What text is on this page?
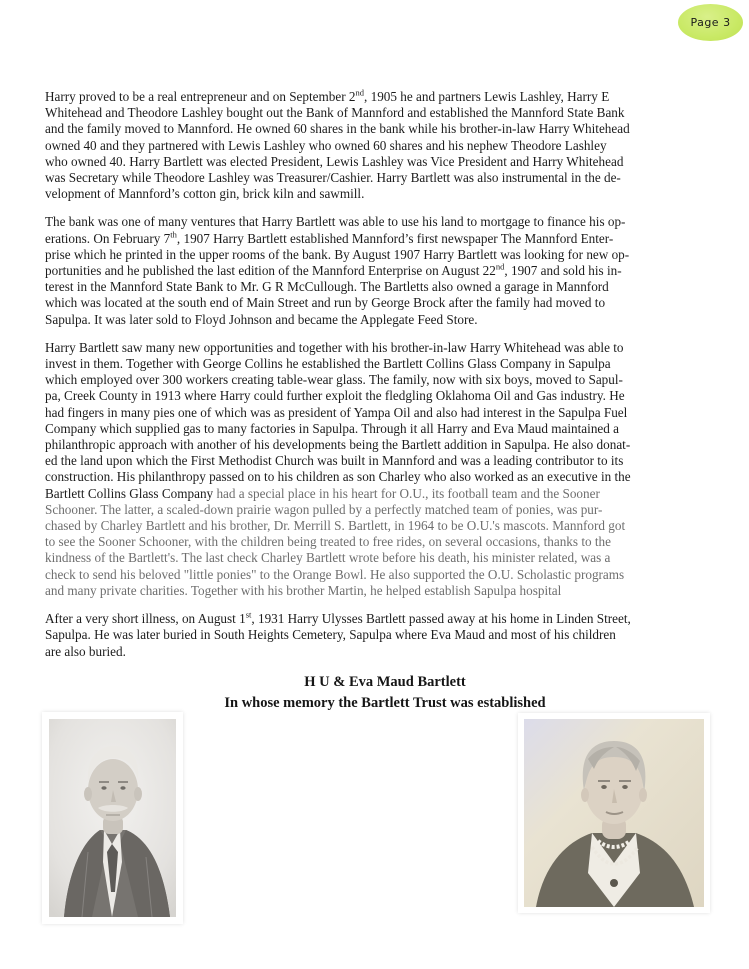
Page 3
Harry proved to be a real entrepreneur and on September 2nd, 1905 he and partners Lewis Lashley, Harry E
Whitehead and Theodore Lashley bought out the Bank of Mannford and established the Mannford State Bank
and the family moved to Mannford. He owned 60 shares in the bank while his brother-in-law Harry Whitehead
owned 40 and they partnered with Lewis Lashley who owned 60 shares and his nephew Theodore Lashley
who owned 40. Harry Bartlett was elected President, Lewis Lashley was Vice President and Harry Whitehead
was Secretary while Theodore Lashley was Treasurer/Cashier. Harry Bartlett was also instrumental in the de-
velopment of Mannford’s cotton gin, brick kiln and sawmill.
The bank was one of many ventures that Harry Bartlett was able to use his land to mortgage to finance his op-
erations. On February 7th, 1907 Harry Bartlett established Mannford’s first newspaper The Mannford Enter-
prise which he printed in the upper rooms of the bank. By August 1907 Harry Bartlett was looking for new op-
portunities and he published the last edition of the Mannford Enterprise on August 22nd, 1907 and sold his in-
terest in the Mannford State Bank to Mr. G R McCullough. The Bartletts also owned a garage in Mannford
which was located at the south end of Main Street and run by George Brock after the family had moved to
Sapulpa. It was later sold to Floyd Johnson and became the Applegate Feed Store.
Harry Bartlett saw many new opportunities and together with his brother-in-law Harry Whitehead was able to
invest in them. Together with George Collins he established the Bartlett Collins Glass Company in Sapulpa
which employed over 300 workers creating table-wear glass. The family, now with six boys, moved to Sapul-
pa, Creek County in 1913 where Harry could further exploit the fledgling Oklahoma Oil and Gas industry. He
had fingers in many pies one of which was as president of Yampa Oil and also had interest in the Sapulpa Fuel
Company which supplied gas to many factories in Sapulpa. Through it all Harry and Eva Maud maintained a
philanthropic approach with another of his developments being the Bartlett addition in Sapulpa. He also donat-
ed the land upon which the First Methodist Church was built in Mannford and was a leading contributor to its
construction. His philanthropy passed on to his children as son Charley who also worked as an executive in the
Bartlett Collins Glass Company had a special place in his heart for O.U., its football team and the Sooner
Schooner. The latter, a scaled-down prairie wagon pulled by a perfectly matched team of ponies, was pur-
chased by Charley Bartlett and his brother, Dr. Merrill S. Bartlett, in 1964 to be O.U.'s mascots. Mannford got
to see the Sooner Schooner, with the children being treated to free rides, on several occasions, thanks to the
kindness of the Bartlett's. The last check Charley Bartlett wrote before his death, his minister related, was a
check to send his beloved "little ponies" to the Orange Bowl. He also supported the O.U. Scholastic programs
and many private charities. Together with his brother Martin, he helped establish Sapulpa hospital
After a very short illness, on August 1st, 1931 Harry Ulysses Bartlett passed away at his home in Linden Street,
Sapulpa. He was later buried in South Heights Cemetery, Sapulpa where Eva Maud and most of his children
are also buried.
H U & Eva Maud Bartlett
In whose memory the Bartlett Trust was established
